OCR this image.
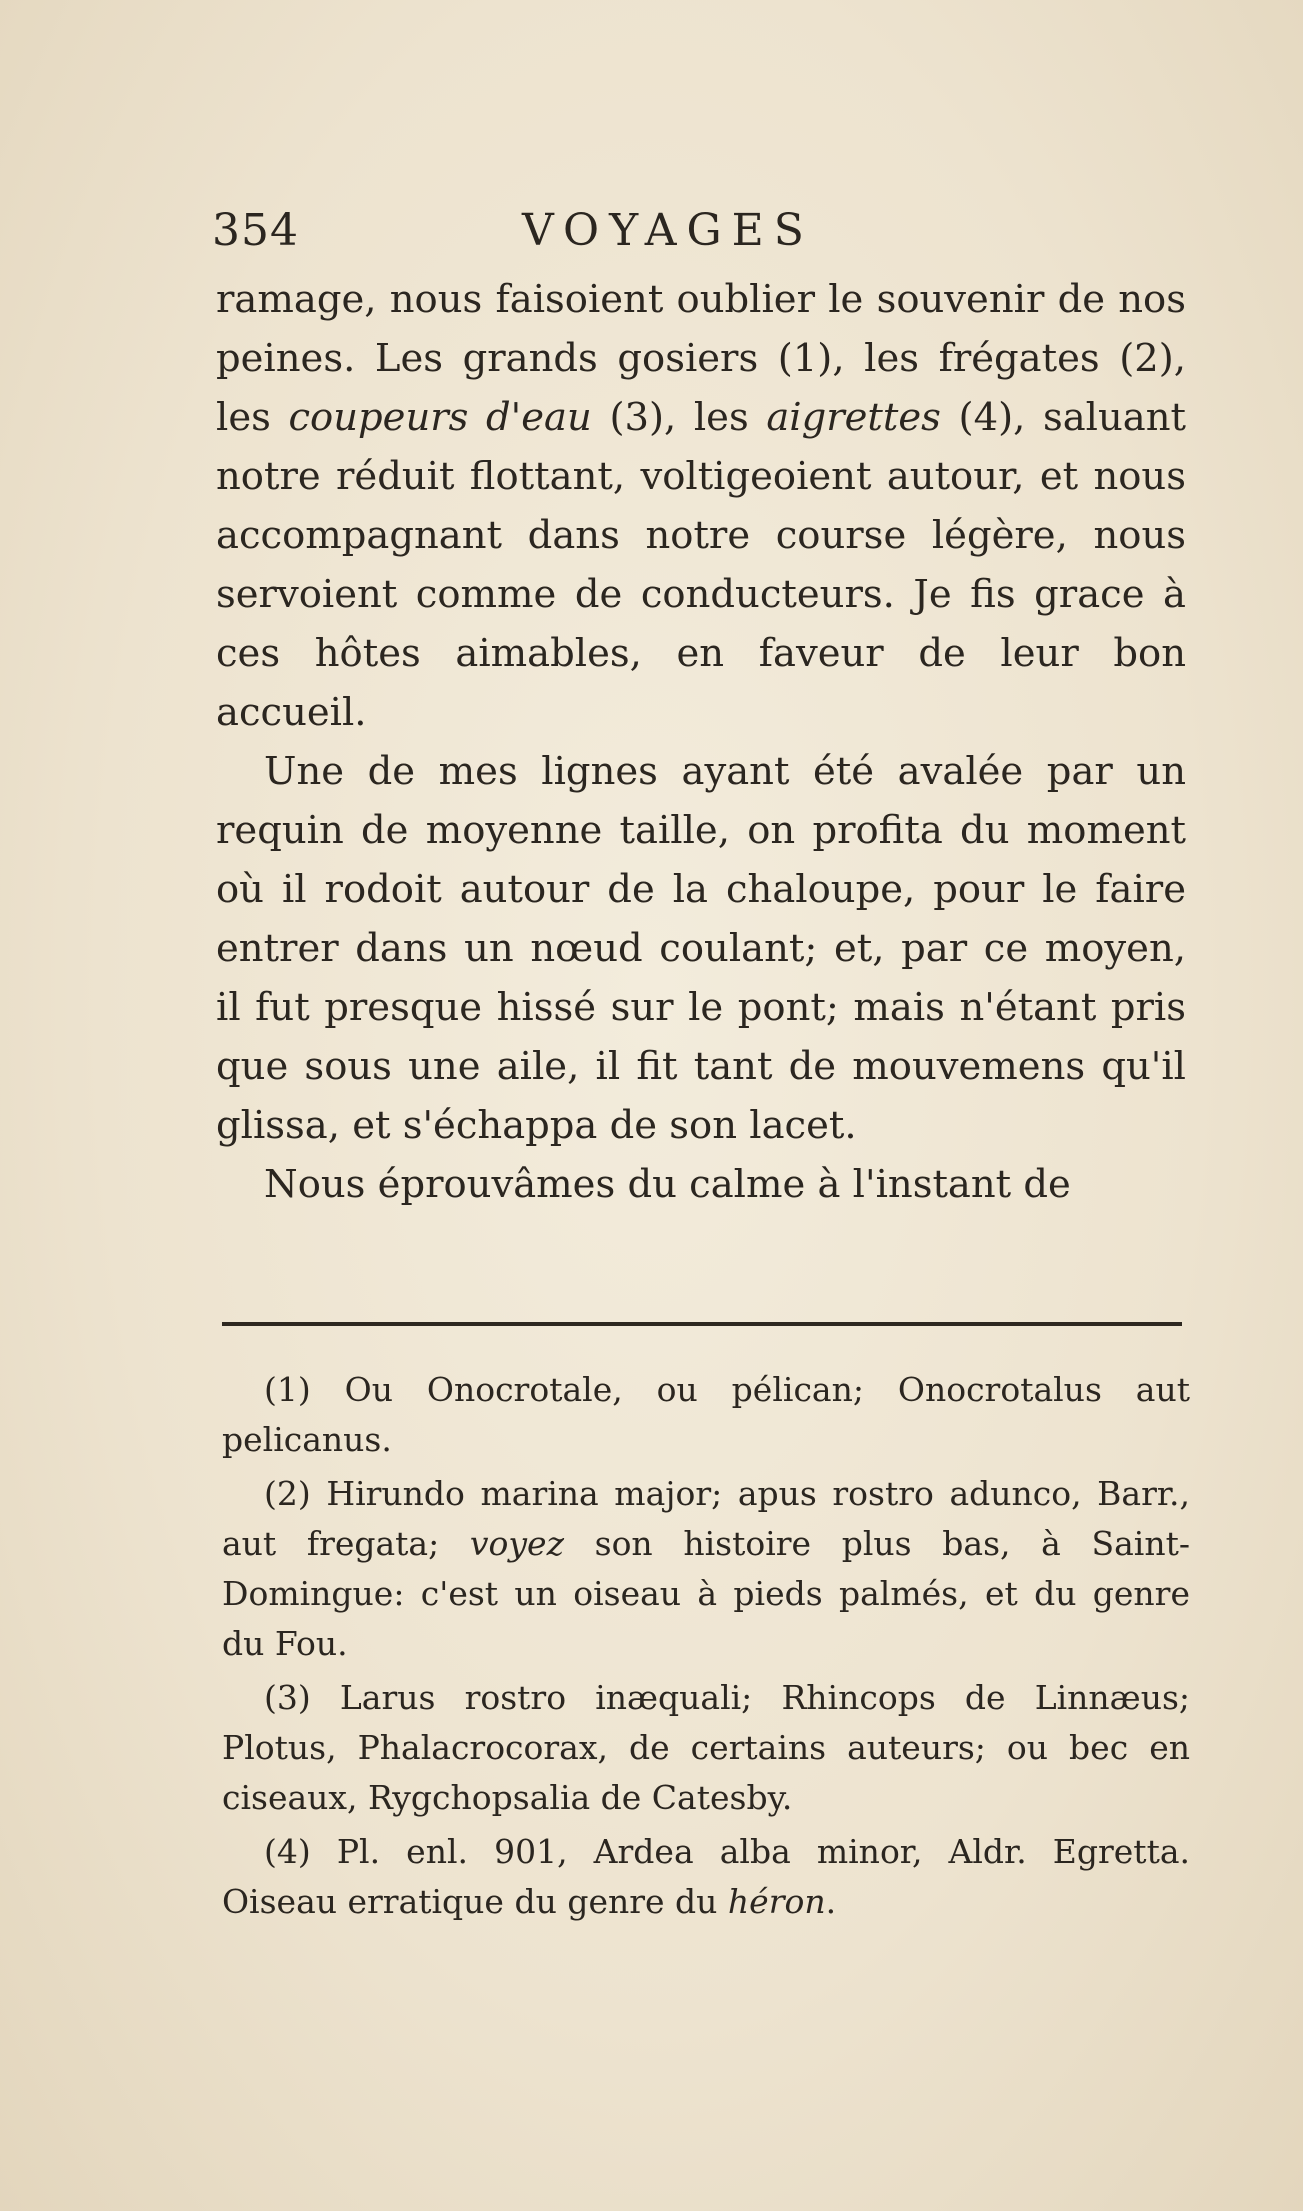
354	VOYAGES

ramage, nous faisoient oublier le souvenir de nos peines. Les grands gosiers (1), les frégates (2), les coupeurs d'eau (3), les aigrettes (4), saluant notre réduit flottant, voltigeoient autour, et nous accompagnant dans notre course légère, nous servoient comme de conducteurs. Je fis grace à ces hôtes aimables, en faveur de leur bon accueil.

Une de mes lignes ayant été avalée par un requin de moyenne taille, on profita du moment où il rodoit autour de la chaloupe, pour le faire entrer dans un nœud coulant; et, par ce moyen, il fut presque hissé sur le pont; mais n'étant pris que sous une aile, il fit tant de mouvemens qu'il glissa, et s'échappa de son lacet.

Nous éprouvâmes du calme à l'instant de

(1) Ou Onocrotale, ou pélican; Onocrotalus aut pelicanus.

(2) Hirundo marina major; apus rostro adunco, Barr., aut fregata; voyez son histoire plus bas, à Saint-Domingue: c'est un oiseau à pieds palmés, et du genre du Fou.

(3) Larus rostro inæquali; Rhincops de Linnæus; Plotus, Phalacrocorax, de certains auteurs; ou bec en ciseaux, Rygchopsalia de Catesby.

(4) Pl. enl. 901, Ardea alba minor, Aldr. Egretta. Oiseau erratique du genre du héron.
